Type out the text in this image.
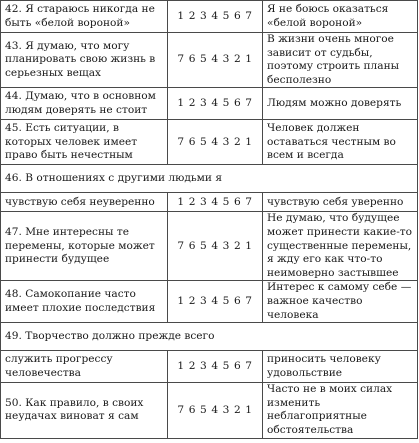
42. Я стараюсь никогда не быть «белой вороной»	1 2 3 4 5 6 7	Я не боюсь оказаться «белой вороной»
43. Я думаю, что могу планировать свою жизнь в серьезных вещах	7 6 5 4 3 2 1	В жизни очень многое зависит от судьбы, поэтому строить планы бесполезно
44. Думаю, что в основном людям доверять не стоит	1 2 3 4 5 6 7	Людям можно доверять
45. Есть ситуации, в которых человек имеет право быть нечестным	7 6 5 4 3 2 1	Человек должен оставаться честным во всем и всегда
46. В отношениях с другими людьми я		
чувствую себя неуверенно	1 2 3 4 5 6 7	чувствую себя уверенно
47. Мне интересны те перемены, которые может принести будущее	7 6 5 4 3 2 1	Не думаю, что будущее может принести какие-то существенные перемены, я жду его как что-то неимоверно застывшее
48. Самокопание часто имеет плохие последствия	1 2 3 4 5 6 7	Интерес к самому себе — важное качество человека
49. Творчество должно прежде всего		
служить прогрессу человечества	1 2 3 4 5 6 7	приносить человеку удовольствие
50. Как правило, в своих неудачах виноват я сам	7 6 5 4 3 2 1	Часто не в моих силах изменить неблагоприятные обстоятельства
